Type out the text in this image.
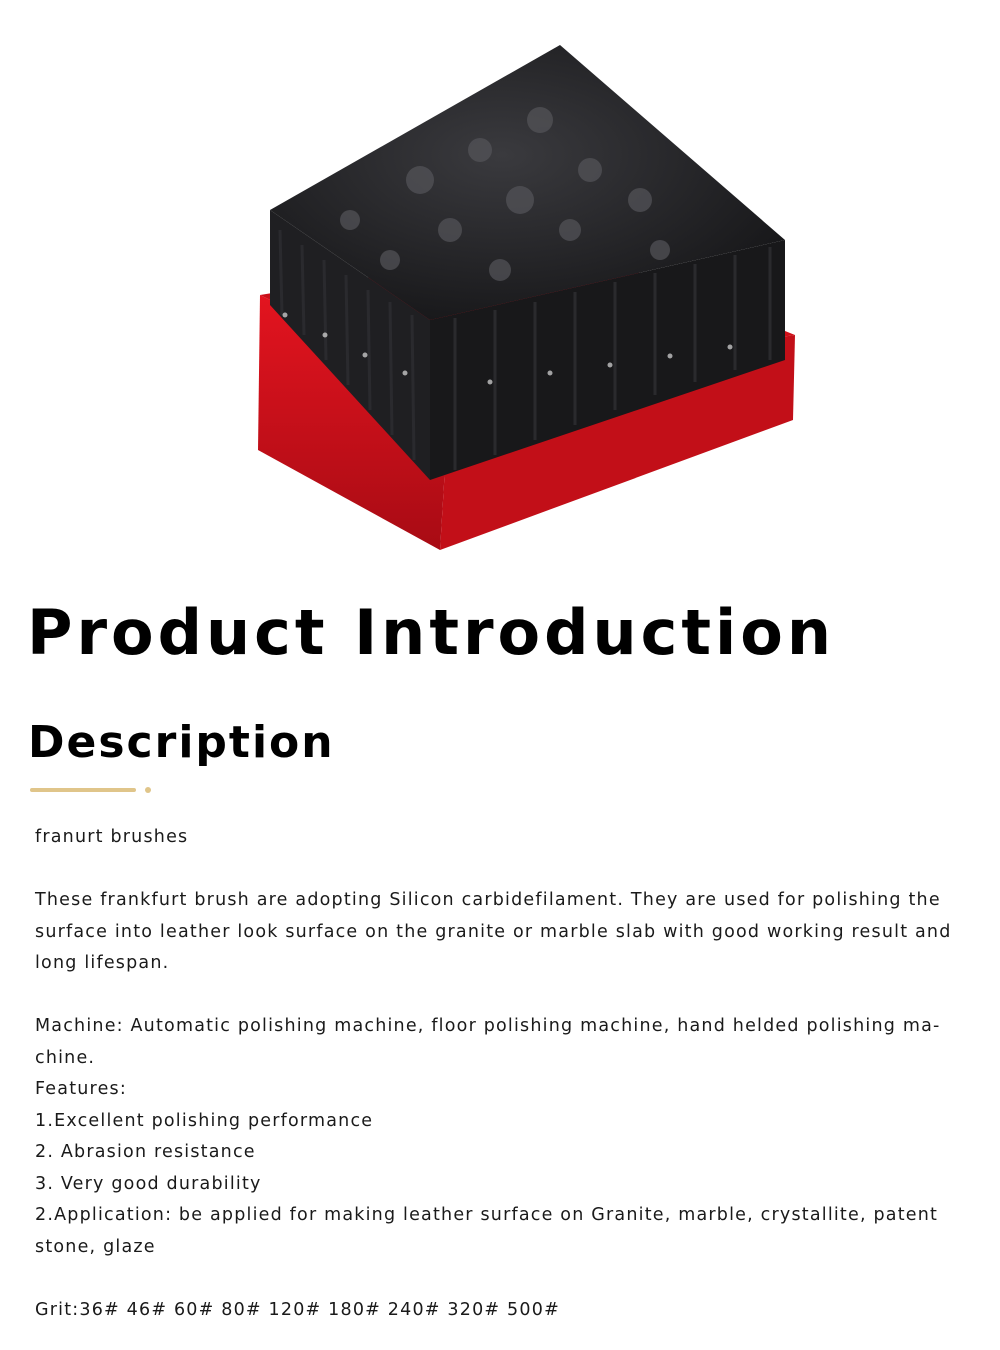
Product Introduction
Description

franurt brushes

These frankfurt brush are adopting Silicon carbidefilament. They are used for polishing the

surface into leather look surface on the granite or marble slab with good working result and

long lifespan.

Machine: Automatic polishing machine, floor polishing machine, hand helded polishing ma-

chine.

Features:

1.Excellent polishing performance

2. Abrasion resistance

3. Very good durability

2.Application: be applied for making leather surface on Granite, marble, crystallite, patent

stone, glaze

Grit:36# 46# 60# 80# 120# 180# 240# 320# 500#
